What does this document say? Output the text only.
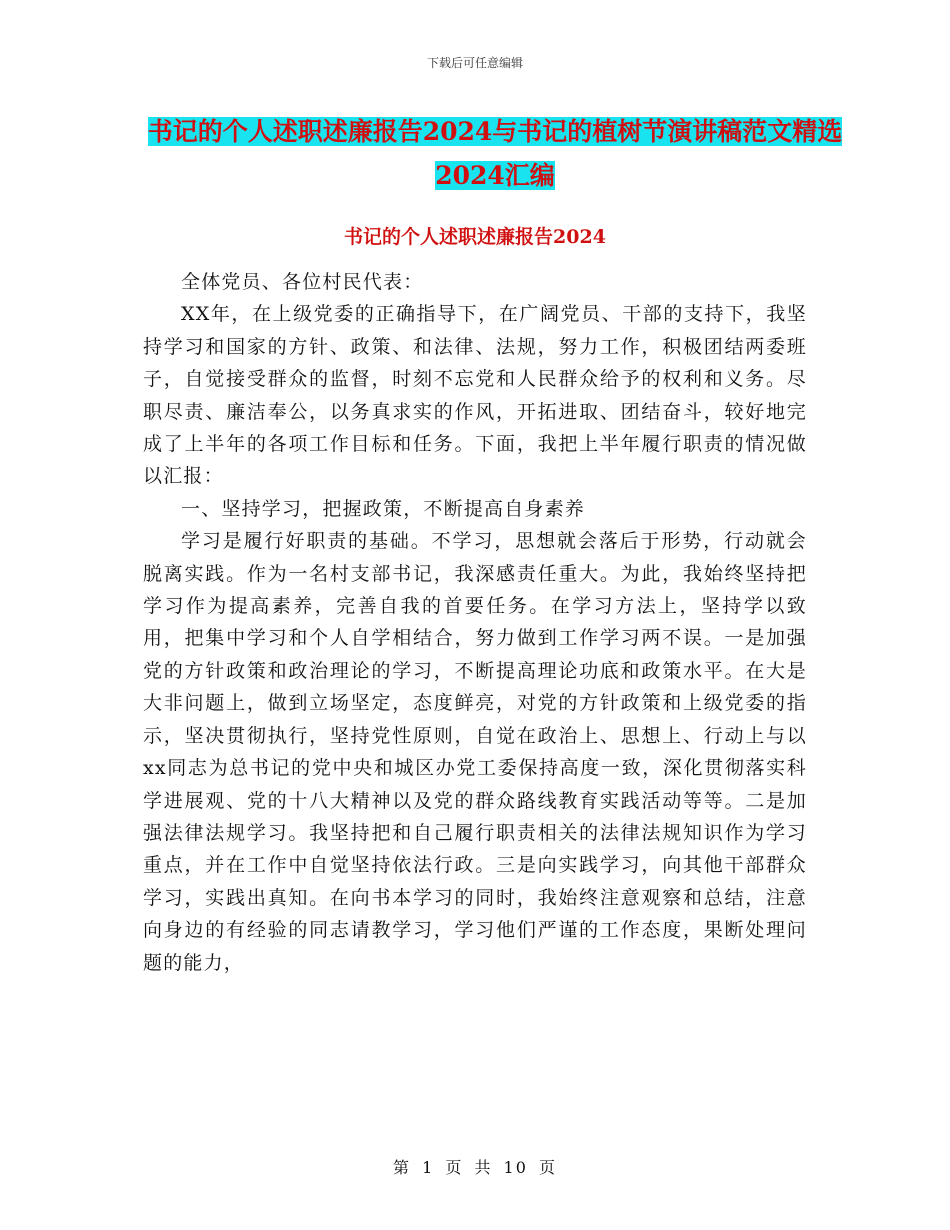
下载后可任意编辑
书记的个人述职述廉报告2024与书记的植树节演讲稿范文精选2024汇编
书记的个人述职述廉报告2024

全体党员、各位村民代表：

XX年，在上级党委的正确指导下，在广阔党员、干部的支持下，我坚持学习和国家的方针、政策、和法律、法规，努力工作，积极团结两委班子，自觉接受群众的监督，时刻不忘党和人民群众给予的权利和义务。尽职尽责、廉洁奉公，以务真求实的作风，开拓进取、团结奋斗，较好地完成了上半年的各项工作目标和任务。下面，我把上半年履行职责的情况做以汇报：

一、坚持学习，把握政策，不断提高自身素养

学习是履行好职责的基础。不学习，思想就会落后于形势，行动就会脱离实践。作为一名村支部书记，我深感责任重大。为此，我始终坚持把学习作为提高素养，完善自我的首要任务。在学习方法上，坚持学以致用，把集中学习和个人自学相结合，努力做到工作学习两不误。一是加强党的方针政策和政治理论的学习，不断提高理论功底和政策水平。在大是大非问题上，做到立场坚定，态度鲜亮，对党的方针政策和上级党委的指示，坚决贯彻执行，坚持党性原则，自觉在政治上、思想上、行动上与以xx同志为总书记的党中央和城区办党工委保持高度一致，深化贯彻落实科学进展观、党的十八大精神以及党的群众路线教育实践活动等等。二是加强法律法规学习。我坚持把和自己履行职责相关的法律法规知识作为学习重点，并在工作中自觉坚持依法行政。三是向实践学习，向其他干部群众学习，实践出真知。在向书本学习的同时，我始终注意观察和总结，注意向身边的有经验的同志请教学习，学习他们严谨的工作态度，果断处理问题的能力，

第 1 页 共 10 页
